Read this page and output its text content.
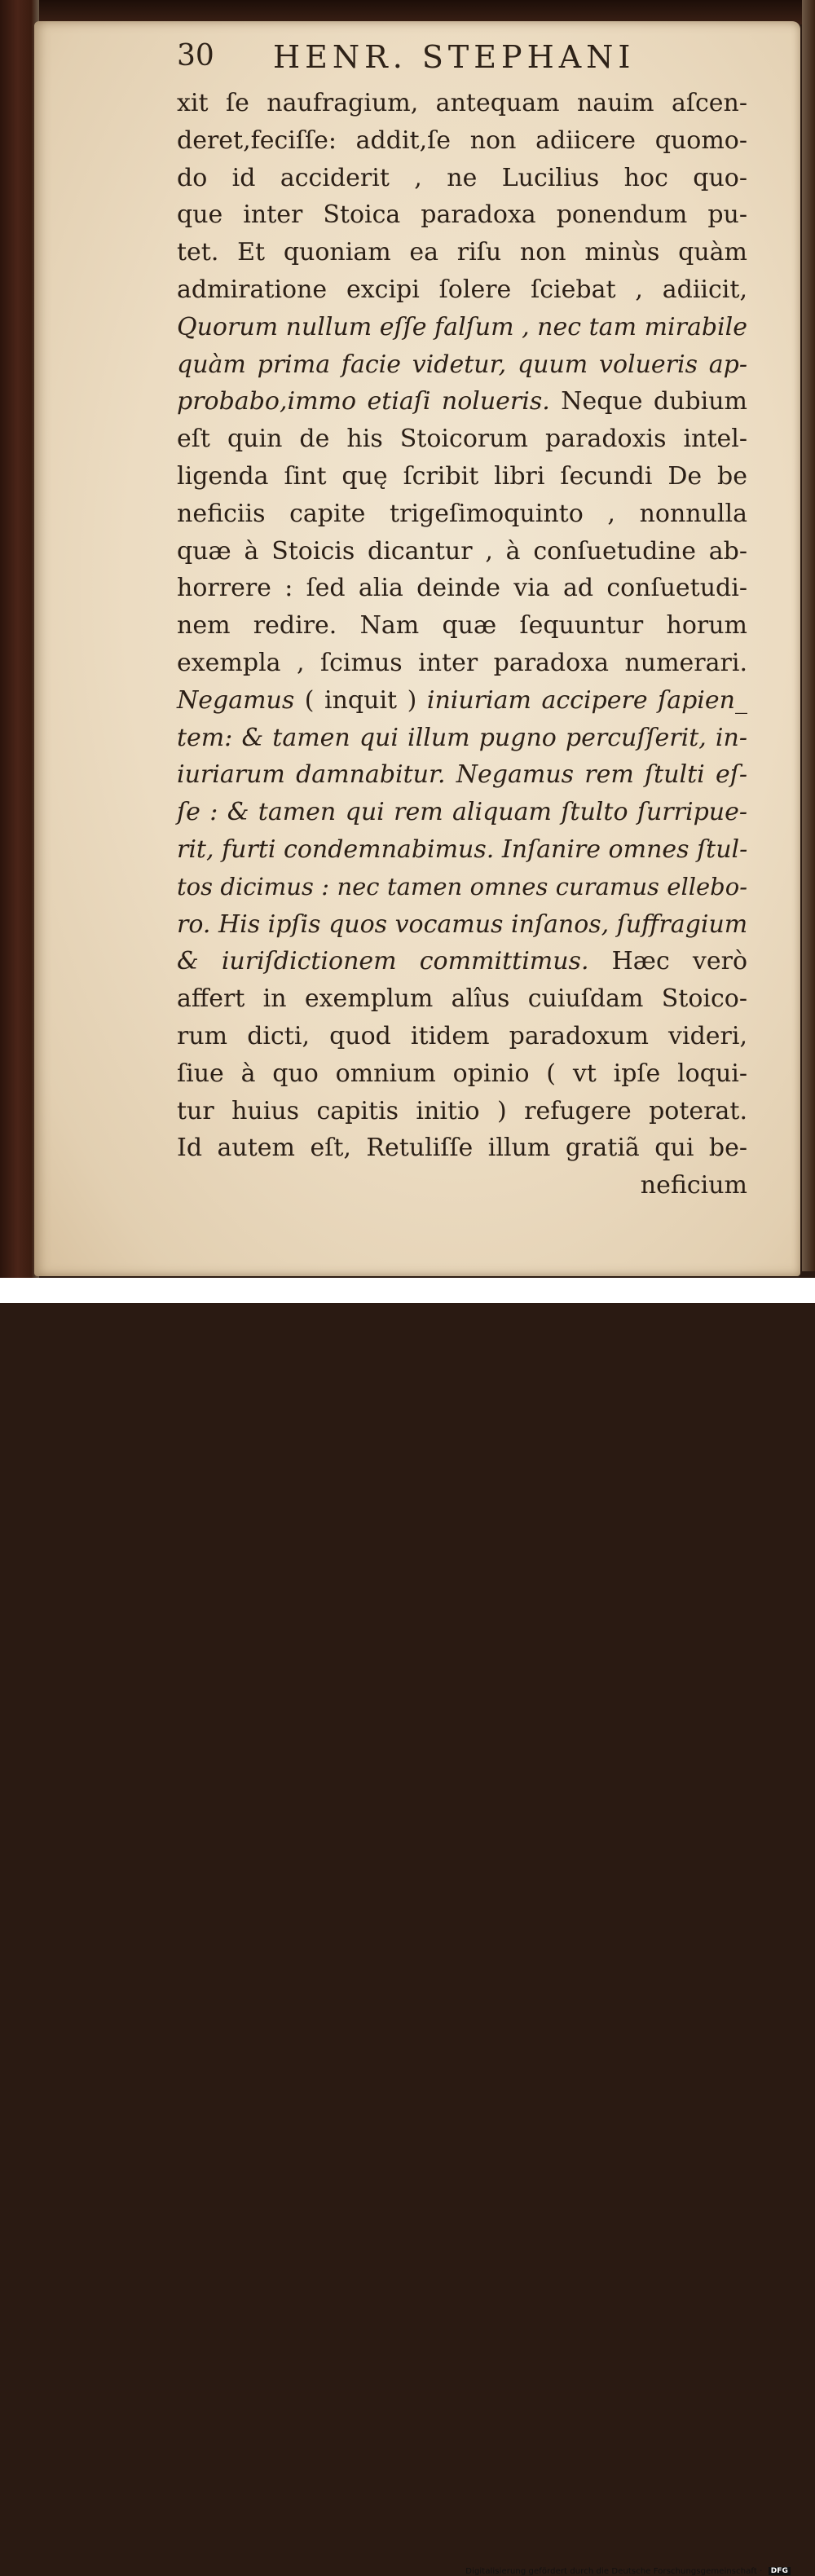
30 HENR. STEPHANI
xit ſe naufragium, antequam nauim aſcen-
deret,feciſſe: addit,ſe non adiicere quomo-
do id acciderit , ne Lucilius hoc quo-
que inter Stoica paradoxa ponendum pu-
tet. Et quoniam ea riſu non minùs quàm
admiratione excipi ſolere ſciebat , adiicit,
Quorum nullum eſſe falſum , nec tam mirabile
quàm prima facie videtur, quum volueris ap-
probabo,immo etiaſi nolueris. Neque dubium
eſt quin de his Stoicorum paradoxis intel-
ligenda ſint quę ſcribit libri ſecundi De be
neficiis capite trigeſimoquinto , nonnulla
quæ à Stoicis dicantur , à conſuetudine ab-
horrere : ſed alia deinde via ad conſuetudi-
nem redire. Nam quæ ſequuntur horum
exempla , ſcimus inter paradoxa numerari.
Negamus ( inquit ) iniuriam accipere ſapien_
tem: & tamen qui illum pugno percuſſerit, in-
iuriarum damnabitur. Negamus rem ſtulti eſ-
ſe : & tamen qui rem aliquam ſtulto ſurripue-
rit, furti condemnabimus. Inſanire omnes ſtul-
tos dicimus : nec tamen omnes curamus ellebo-
ro. His ipſis quos vocamus inſanos, ſuffragium
& iuriſdictionem committimus. Hæc verò
affert in exemplum alîus cuiuſdam Stoico-
rum dicti, quod itidem paradoxum videri,
ſiue à quo omnium opinio ( vt ipſe loqui-
tur huius capitis initio ) refugere poterat.
Id autem eſt, Retuliſſe illum gratiã qui be-
neficium
Digitalisierung gefördert durch die Deutsche Forschungsgemeinschaft · DFG
